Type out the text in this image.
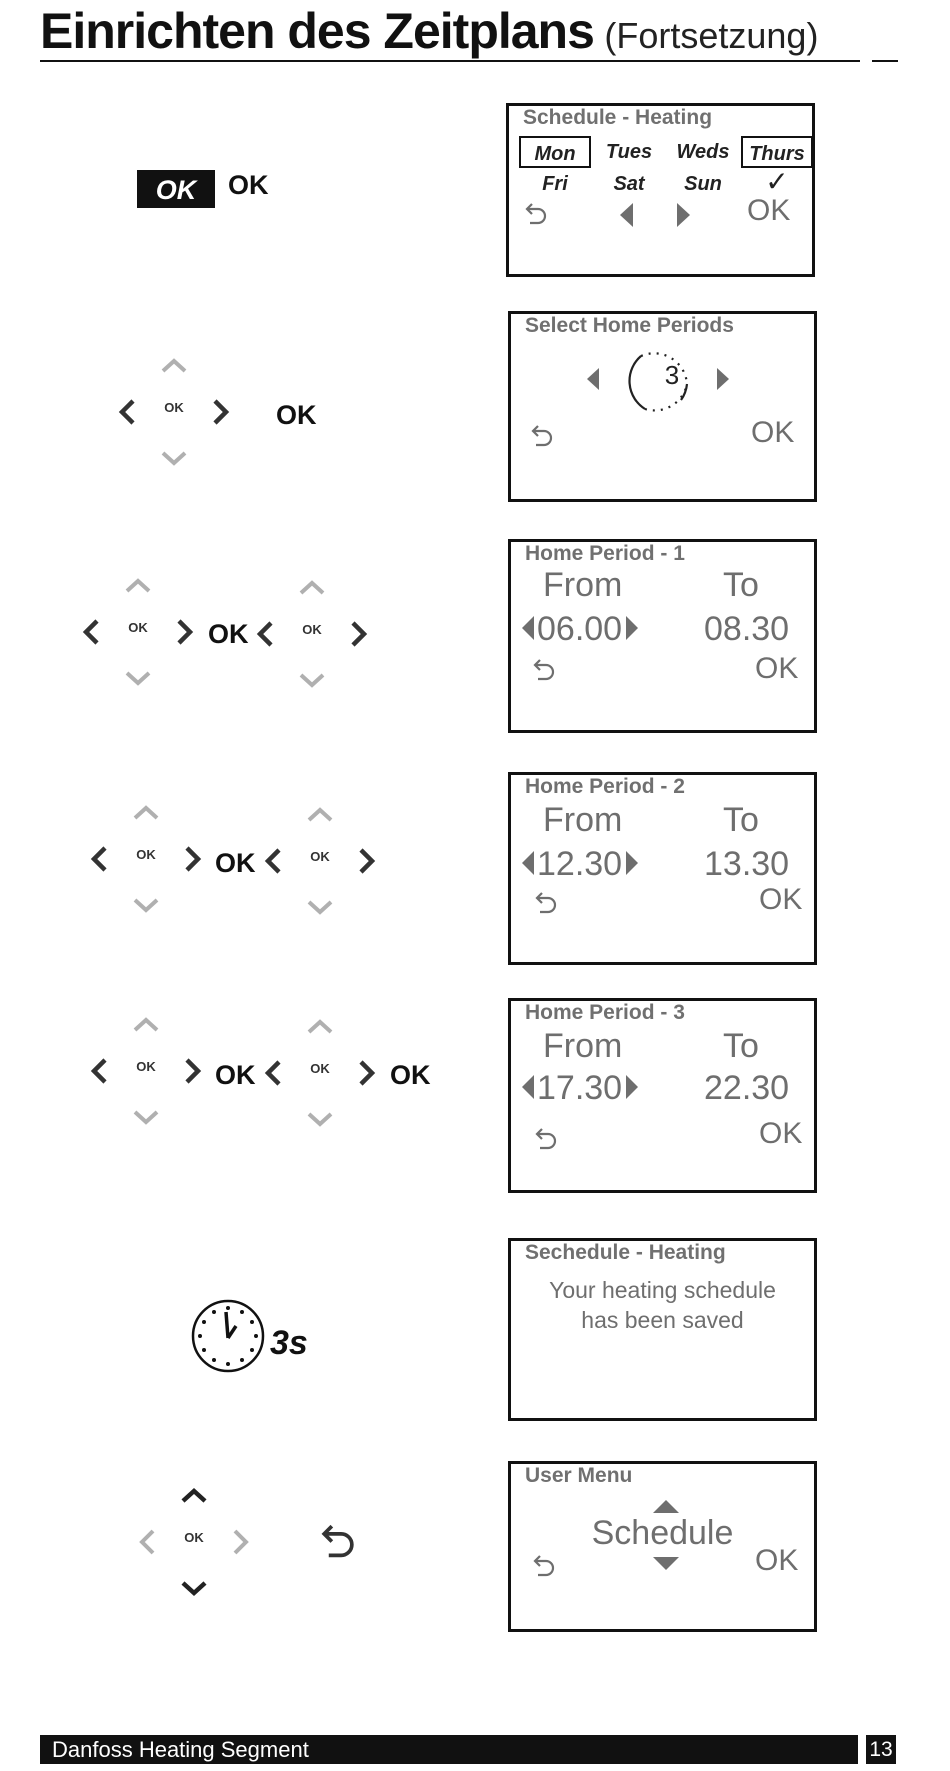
Einrichten des Zeitplans (Fortsetzung)
OK	OK
Schedule - Heating
Mon	Tues	Weds Thurs
Fri	Sat	Sun	✓
OK
OK	OK
Select Home Periods
3
OK
OK	OK	OK
Home Period - 1
From	To
06.00 08.30
OK
OK	OK	OK
Home Period - 2
From	To
12.30 13.30
OK
OK	OK	OK	OK
Home Period - 3
From	To
17.30 22.30
OK
3s
Sechedule - Heating
Your heating schedule
has been saved
OK
User Menu
Schedule
OK
Danfoss Heating Segment	13
